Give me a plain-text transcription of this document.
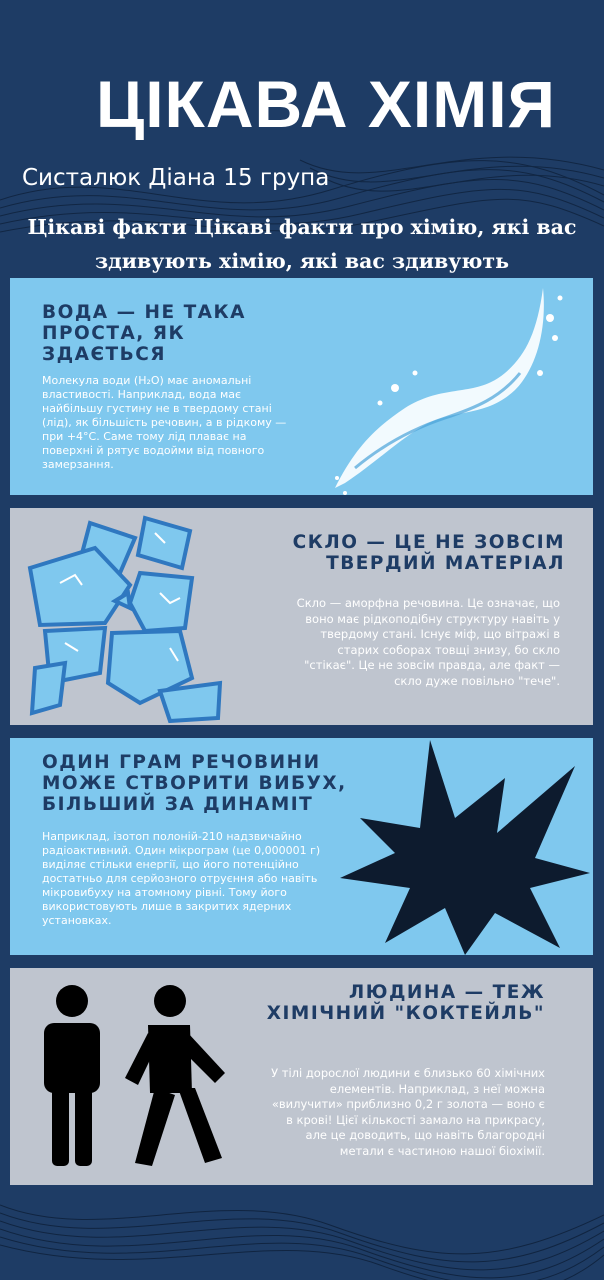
ЦІКАВА ХІМІЯ
Систалюк Діана 15 група
Цікаві факти Цікаві факти про хімію, які вас здивують хімію, які вас здивують
ВОДА — НЕ ТАКА ПРОСТА, ЯК ЗДАЄТЬСЯ

Молекула води (H₂O) має аномальні властивості. Наприклад, вода має найбільшу густину не в твердому стані (лід), як більшість речовин, а в рідкому — при +4°C. Саме тому лід плаває на поверхні й рятує водойми від повного замерзання.

СКЛО — ЦЕ НЕ ЗОВСІМ ТВЕРДИЙ МАТЕРІАЛ

Скло — аморфна речовина. Це означає, що воно має рідкоподібну структуру навіть у твердому стані. Існує міф, що вітражі в старих соборах товщі знизу, бо скло "стікає". Це не зовсім правда, але факт — скло дуже повільно "тече".

ОДИН ГРАМ РЕЧОВИНИ МОЖЕ СТВОРИТИ ВИБУХ, БІЛЬШИЙ ЗА ДИНАМІТ

Наприклад, ізотоп полоній-210 надзвичайно радіоактивний. Один мікрограм (це 0,000001 г) виділяє стільки енергії, що його потенційно достатньо для серйозного отруєння або навіть мікровибуху на атомному рівні. Тому його використовують лише в закритих ядерних установках.

ЛЮДИНА — ТЕЖ ХІМІЧНИЙ "КОКТЕЙЛЬ"

У тілі дорослої людини є близько 60 хімічних елементів. Наприклад, з неї можна «вилучити» приблизно 0,2 г золота — воно є в крові! Цієї кількості замало на прикрасу, але це доводить, що навіть благородні метали є частиною нашої біохімії.
